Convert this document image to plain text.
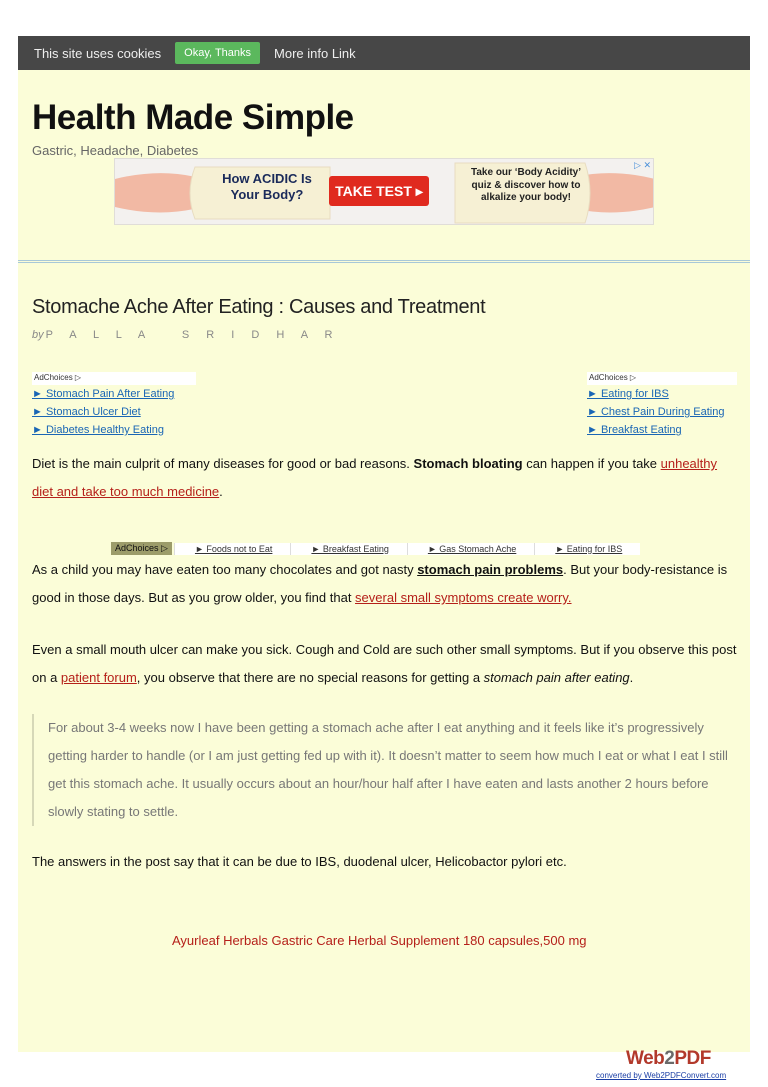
This site uses cookies	Okay, Thanks	More info Link
Health Made Simple
Gastric, Headache, Diabetes
How ACIDIC Is Your Body?	TAKE TEST ▸
Take our ‘Body Acidity’ quiz & discover how to alkalize your body!
▷ ✕
Stomache Ache After Eating : Causes and Treatment
by P A L L A   S R I D H A R
AdChoices ▷
► Stomach Pain After Eating
► Stomach Ulcer Diet
► Diabetes Healthy Eating
AdChoices ▷
► Eating for IBS
► Chest Pain During Eating
► Breakfast Eating

Diet is the main culprit of many diseases for good or bad reasons. Stomach bloating can happen if you take unhealthy diet and take too much medicine.

AdChoices ▷	► Foods not to Eat	► Breakfast Eating	► Gas Stomach Ache	► Eating for IBS

As a child you may have eaten too many chocolates and got nasty stomach pain problems. But your body-resistance is good in those days. But as you grow older, you find that several small symptoms create worry.

Even a small mouth ulcer can make you sick. Cough and Cold are such other small symptoms. But if you observe this post on a patient forum, you observe that there are no special reasons for getting a stomach pain after eating.

For about 3-4 weeks now I have been getting a stomach ache after I eat anything and it feels like it’s progressively getting harder to handle (or I am just getting fed up with it). It doesn’t matter to seem how much I eat or what I eat I still get this stomach ache. It usually occurs about an hour/hour half after I have eaten and lasts another 2 hours before slowly stating to settle.

The answers in the post say that it can be due to IBS, duodenal ulcer, Helicobactor pylori etc.

Ayurleaf Herbals Gastric Care Herbal Supplement 180 capsules,500 mg
Web2PDF
converted by Web2PDFConvert.com
